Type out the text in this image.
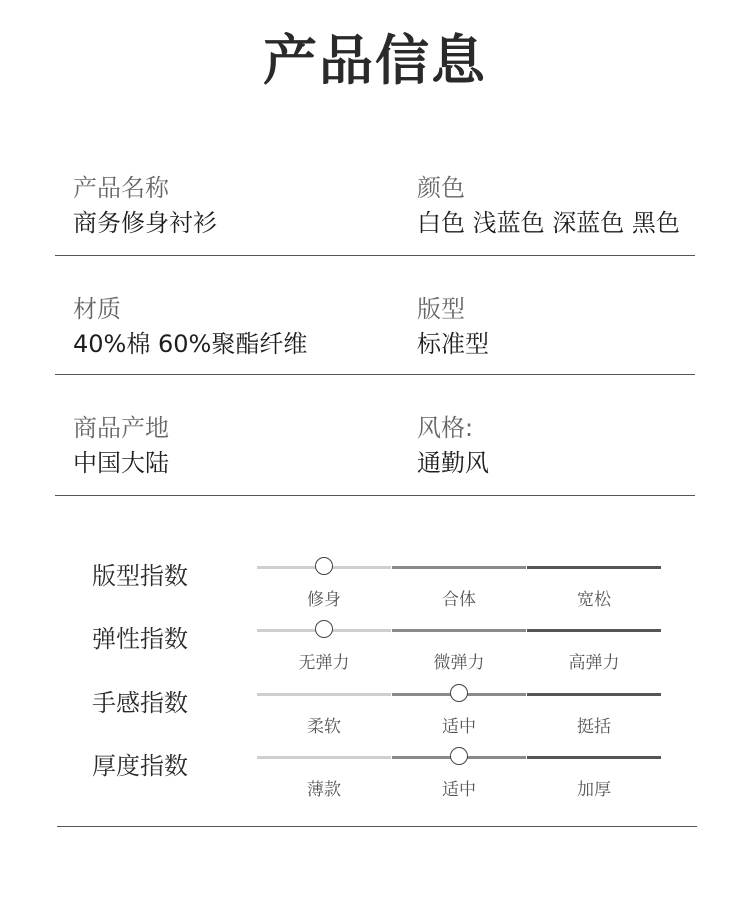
产品信息
产品名称
商务修身衬衫
颜色
白色 浅蓝色 深蓝色 黑色
材质
40%棉 60%聚酯纤维
版型
标准型
商品产地
中国大陆
风格:
通勤风
版型指数
修身	合体	宽松
弹性指数
无弹力	微弹力	高弹力
手感指数
柔软	适中	挺括
厚度指数
薄款	适中	加厚
